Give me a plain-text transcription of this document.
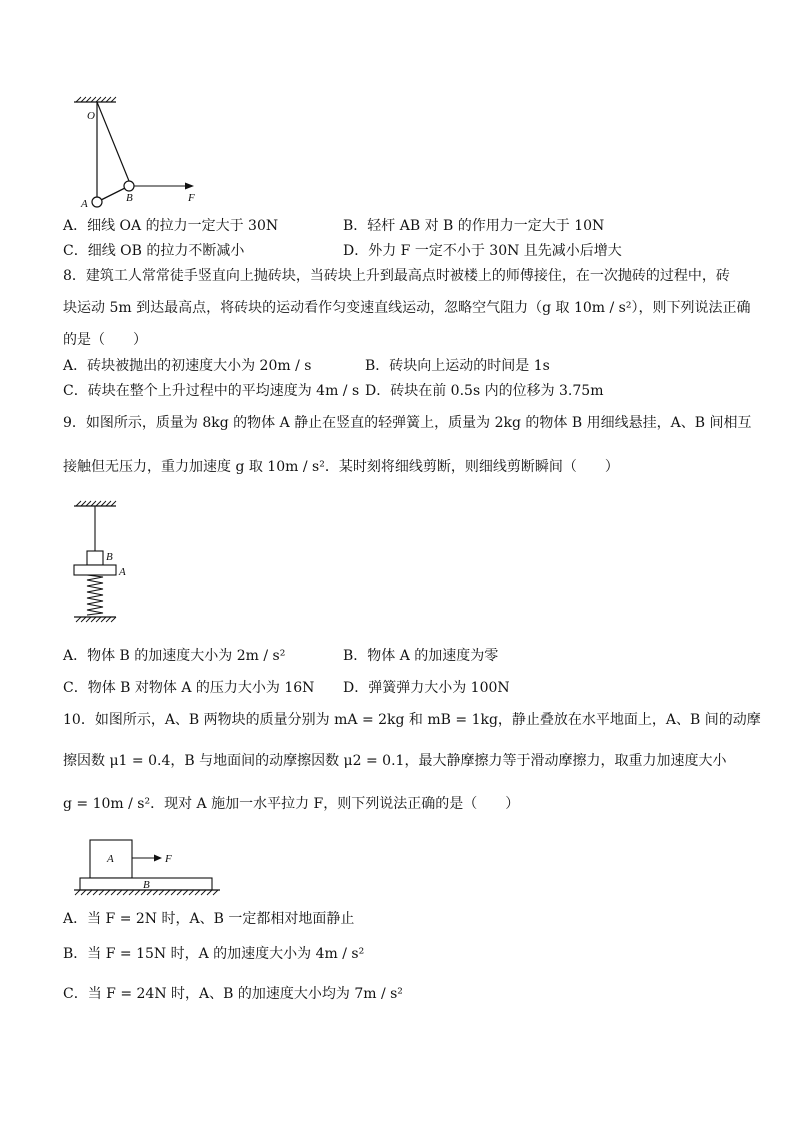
O
A	B	F
A．细线 OA 的拉力一定大于 30N	B．轻杆 AB 对 B 的作用力一定大于 10N
C．细线 OB 的拉力不断减小	D．外力 F 一定不小于 30N 且先减小后增大
8．建筑工人常常徒手竖直向上抛砖块，当砖块上升到最高点时被楼上的师傅接住，在一次抛砖的过程中，砖
块运动 5m 到达最高点，将砖块的运动看作匀变速直线运动，忽略空气阻力（g 取 10m / s²），则下列说法正确
的是（　　）
A．砖块被抛出的初速度大小为 20m / s	B．砖块向上运动的时间是 1s
C．砖块在整个上升过程中的平均速度为 4m / s D．砖块在前 0.5s 内的位移为 3.75m
9．如图所示，质量为 8kg 的物体 A 静止在竖直的轻弹簧上，质量为 2kg 的物体 B 用细线悬挂，A、B 间相互
接触但无压力，重力加速度 g 取 10m / s²．某时刻将细线剪断，则细线剪断瞬间（　　）
B
A
A．物体 B 的加速度大小为 2m / s²	B．物体 A 的加速度为零
C．物体 B 对物体 A 的压力大小为 16N D．弹簧弹力大小为 100N
10．如图所示，A、B 两物块的质量分别为 mA = 2kg 和 mB = 1kg，静止叠放在水平地面上，A、B 间的动摩
擦因数 μ1 = 0.4，B 与地面间的动摩擦因数 μ2 = 0.1，最大静摩擦力等于滑动摩擦力，取重力加速度大小
g = 10m / s²．现对 A 施加一水平拉力 F，则下列说法正确的是（　　）
A	F
B
A．当 F = 2N 时，A、B 一定都相对地面静止
B．当 F = 15N 时，A 的加速度大小为 4m / s²
C．当 F = 24N 时，A、B 的加速度大小均为 7m / s²
